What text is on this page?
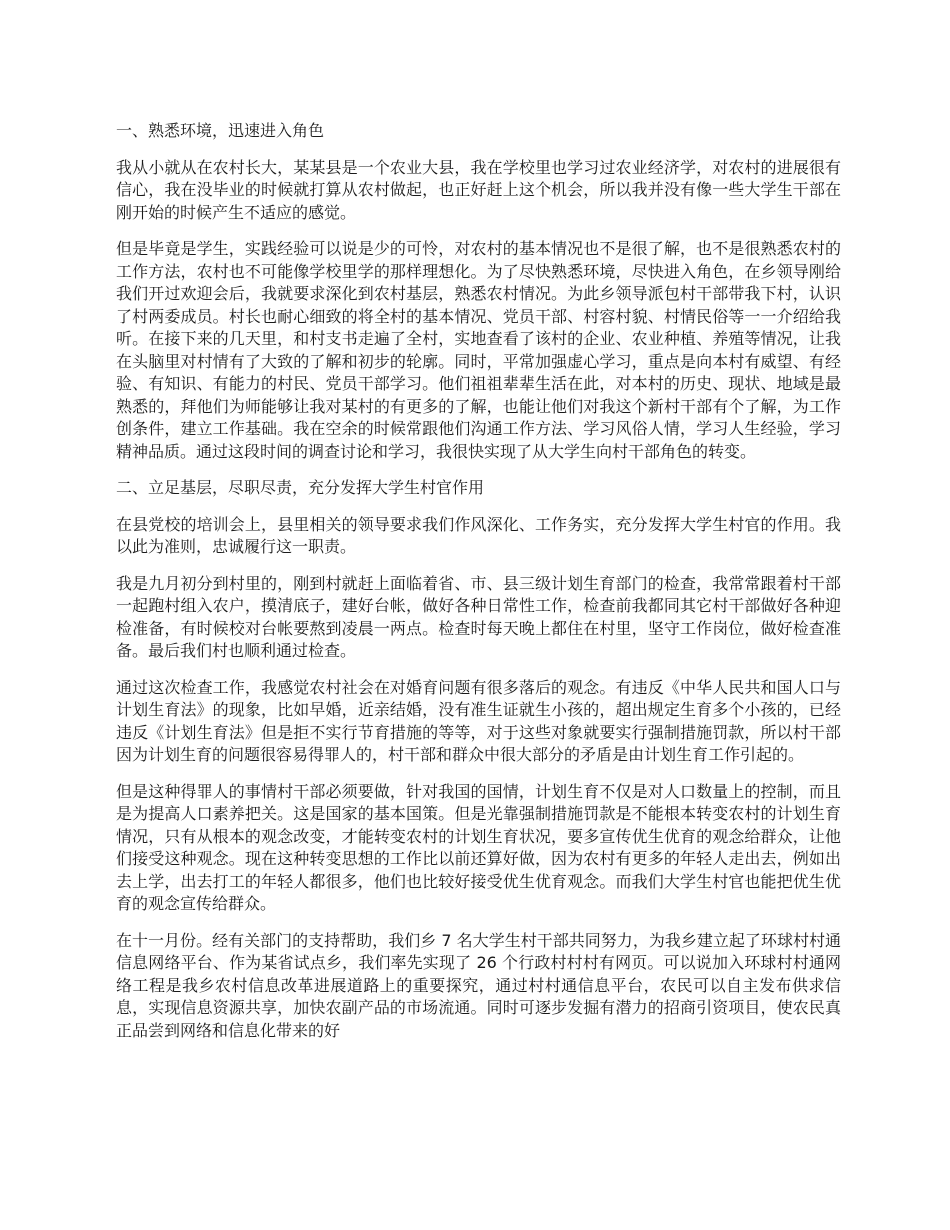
一、熟悉环境，迅速进入角色

我从小就从在农村长大，某某县是一个农业大县，我在学校里也学习过农业经济学，对农村的进展很有信心，我在没毕业的时候就打算从农村做起，也正好赶上这个机会，所以我并没有像一些大学生干部在刚开始的时候产生不适应的感觉。

但是毕竟是学生，实践经验可以说是少的可怜，对农村的基本情况也不是很了解，也不是很熟悉农村的工作方法，农村也不可能像学校里学的那样理想化。为了尽快熟悉环境，尽快进入角色，在乡领导刚给我们开过欢迎会后，我就要求深化到农村基层，熟悉农村情况。为此乡领导派包村干部带我下村，认识了村两委成员。村长也耐心细致的将全村的基本情况、党员干部、村容村貌、村情民俗等一一介绍给我听。在接下来的几天里，和村支书走遍了全村，实地查看了该村的企业、农业种植、养殖等情况，让我在头脑里对村情有了大致的了解和初步的轮廓。同时，平常加强虚心学习，重点是向本村有威望、有经验、有知识、有能力的村民、党员干部学习。他们祖祖辈辈生活在此，对本村的历史、现状、地域是最熟悉的，拜他们为师能够让我对某村的有更多的了解，也能让他们对我这个新村干部有个了解，为工作创条件，建立工作基础。我在空余的时候常跟他们沟通工作方法、学习风俗人情，学习人生经验，学习精神品质。通过这段时间的调查讨论和学习，我很快实现了从大学生向村干部角色的转变。

二、立足基层，尽职尽责，充分发挥大学生村官作用

在县党校的培训会上，县里相关的领导要求我们作风深化、工作务实，充分发挥大学生村官的作用。我以此为准则，忠诚履行这一职责。

我是九月初分到村里的，刚到村就赶上面临着省、市、县三级计划生育部门的检查，我常常跟着村干部一起跑村组入农户，摸清底子，建好台帐，做好各种日常性工作，检查前我都同其它村干部做好各种迎检准备，有时候校对台帐要熬到凌晨一两点。检查时每天晚上都住在村里，坚守工作岗位，做好检查准备。最后我们村也顺利通过检查。

通过这次检查工作，我感觉农村社会在对婚育问题有很多落后的观念。有违反《中华人民共和国人口与计划生育法》的现象，比如早婚，近亲结婚，没有准生证就生小孩的，超出规定生育多个小孩的，已经违反《计划生育法》但是拒不实行节育措施的等等，对于这些对象就要实行强制措施罚款，所以村干部因为计划生育的问题很容易得罪人的，村干部和群众中很大部分的矛盾是由计划生育工作引起的。

但是这种得罪人的事情村干部必须要做，针对我国的国情，计划生育不仅是对人口数量上的控制，而且是为提高人口素养把关。这是国家的基本国策。但是光靠强制措施罚款是不能根本转变农村的计划生育情况，只有从根本的观念改变，才能转变农村的计划生育状况，要多宣传优生优育的观念给群众，让他们接受这种观念。现在这种转变思想的工作比以前还算好做，因为农村有更多的年轻人走出去，例如出去上学，出去打工的年轻人都很多，他们也比较好接受优生优育观念。而我们大学生村官也能把优生优育的观念宣传给群众。

在十一月份。经有关部门的支持帮助，我们乡 7 名大学生村干部共同努力，为我乡建立起了环球村村通信息网络平台、作为某省试点乡，我们率先实现了 26 个行政村村村有网页。可以说加入环球村村通网络工程是我乡农村信息改革进展道路上的重要探究，通过村村通信息平台，农民可以自主发布供求信息，实现信息资源共享，加快农副产品的市场流通。同时可逐步发掘有潜力的招商引资项目，使农民真正品尝到网络和信息化带来的好
